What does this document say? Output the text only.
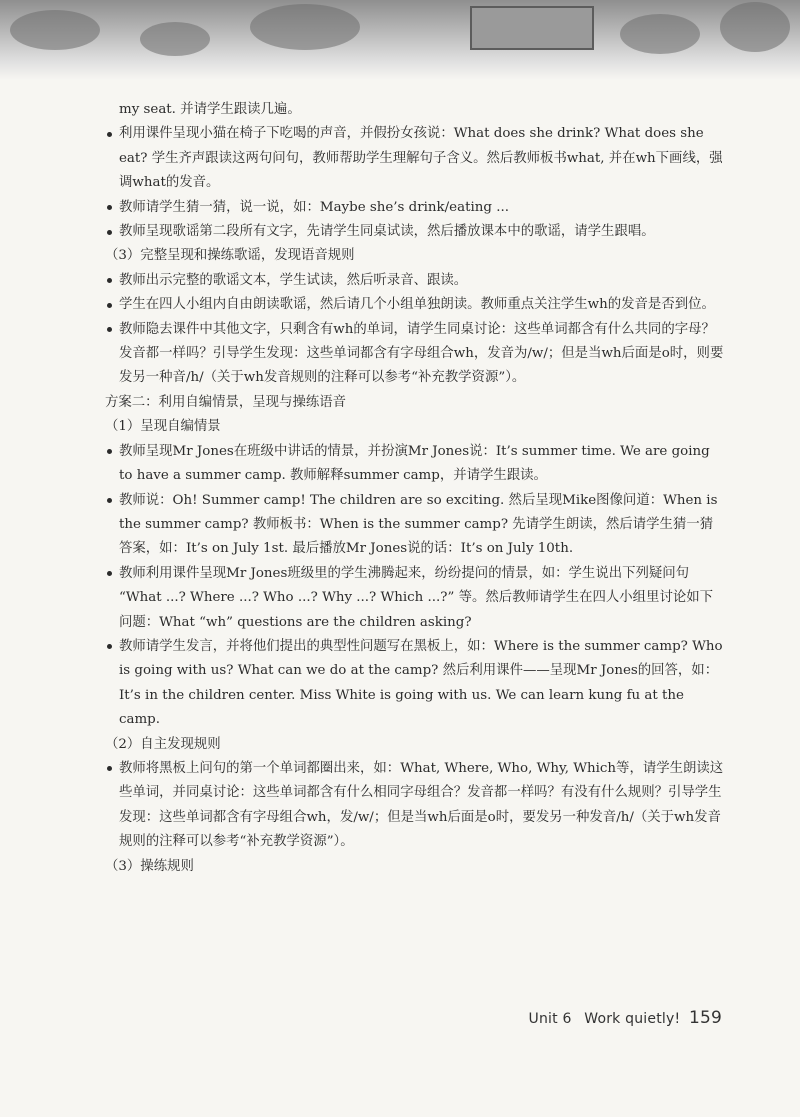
my seat. 并请学生跟读几遍。

利用课件呈现小猫在椅子下吃喝的声音，并假扮女孩说：What does she drink? What does she eat? 学生齐声跟读这两句问句，教师帮助学生理解句子含义。然后教师板书what, 并在wh下画线，强调what的发音。

教师请学生猜一猜，说一说，如：Maybe she’s drink/eating ...

教师呈现歌谣第二段所有文字，先请学生同桌试读，然后播放课本中的歌谣，请学生跟唱。

（3）完整呈现和操练歌谣，发现语音规则

教师出示完整的歌谣文本，学生试读，然后听录音、跟读。

学生在四人小组内自由朗读歌谣，然后请几个小组单独朗读。教师重点关注学生wh的发音是否到位。

教师隐去课件中其他文字，只剩含有wh的单词，请学生同桌讨论：这些单词都含有什么共同的字母？发音都一样吗？引导学生发现：这些单词都含有字母组合wh，发音为/w/；但是当wh后面是o时，则要发另一种音/h/（关于wh发音规则的注释可以参考“补充教学资源”）。

方案二：利用自编情景，呈现与操练语音

（1）呈现自编情景

教师呈现Mr Jones在班级中讲话的情景，并扮演Mr Jones说：It’s summer time. We are going to have a summer camp. 教师解释summer camp，并请学生跟读。

教师说：Oh! Summer camp! The children are so exciting. 然后呈现Mike图像问道：When is the summer camp? 教师板书：When is the summer camp? 先请学生朗读，然后请学生猜一猜答案，如：It’s on July 1st. 最后播放Mr Jones说的话：It’s on July 10th.

教师利用课件呈现Mr Jones班级里的学生沸腾起来，纷纷提问的情景，如：学生说出下列疑问句 “What ...? Where ...? Who ...? Why ...? Which ...?” 等。然后教师请学生在四人小组里讨论如下问题：What “wh” questions are the children asking?

教师请学生发言，并将他们提出的典型性问题写在黑板上，如：Where is the summer camp? Who is going with us? What can we do at the camp? 然后利用课件——呈现Mr Jones的回答，如：It’s in the children center. Miss White is going with us. We can learn kung fu at the camp.

（2）自主发现规则

教师将黑板上问句的第一个单词都圈出来，如：What, Where, Who, Why, Which等，请学生朗读这些单词，并同桌讨论：这些单词都含有什么相同字母组合？发音都一样吗？有没有什么规则？引导学生发现：这些单词都含有字母组合wh，发/w/；但是当wh后面是o时，要发另一种发音/h/（关于wh发音规则的注释可以参考“补充教学资源”）。

（3）操练规则

Unit 6 Work quietly! 159
